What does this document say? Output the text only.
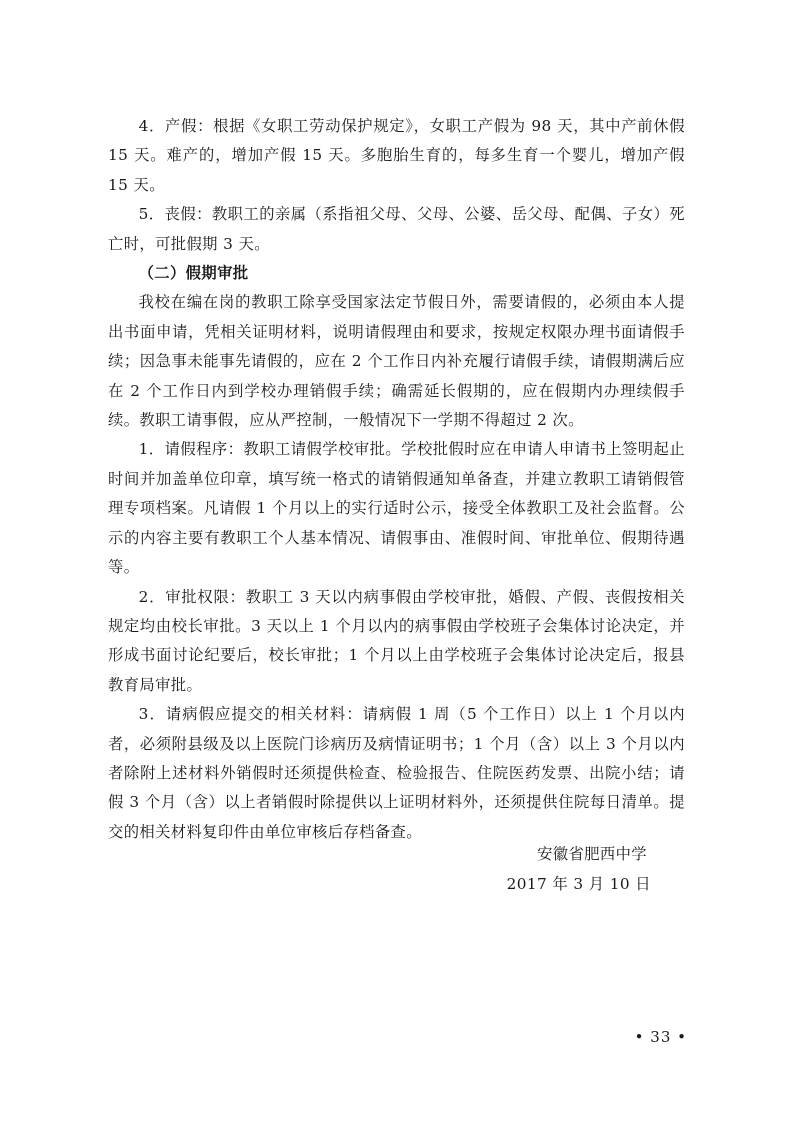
4．产假：根据《女职工劳动保护规定》，女职工产假为 98 天，其中产前休假 15 天。难产的，增加产假 15 天。多胞胎生育的，每多生育一个婴儿，增加产假 15 天。

5．丧假：教职工的亲属（系指祖父母、父母、公婆、岳父母、配偶、子女）死亡时，可批假期 3 天。

（二）假期审批

我校在编在岗的教职工除享受国家法定节假日外，需要请假的，必须由本人提出书面申请，凭相关证明材料，说明请假理由和要求，按规定权限办理书面请假手续；因急事未能事先请假的，应在 2 个工作日内补充履行请假手续，请假期满后应在 2 个工作日内到学校办理销假手续；确需延长假期的，应在假期内办理续假手续。教职工请事假，应从严控制，一般情况下一学期不得超过 2 次。

1．请假程序：教职工请假学校审批。学校批假时应在申请人申请书上签明起止时间并加盖单位印章，填写统一格式的请销假通知单备查，并建立教职工请销假管理专项档案。凡请假 1 个月以上的实行适时公示，接受全体教职工及社会监督。公示的内容主要有教职工个人基本情况、请假事由、准假时间、审批单位、假期待遇等。

2．审批权限：教职工 3 天以内病事假由学校审批，婚假、产假、丧假按相关规定均由校长审批。3 天以上 1 个月以内的病事假由学校班子会集体讨论决定，并形成书面讨论纪要后，校长审批；1 个月以上由学校班子会集体讨论决定后，报县教育局审批。

3．请病假应提交的相关材料：请病假 1 周（5 个工作日）以上 1 个月以内者，必须附县级及以上医院门诊病历及病情证明书；1 个月（含）以上 3 个月以内者除附上述材料外销假时还须提供检查、检验报告、住院医药发票、出院小结；请假 3 个月（含）以上者销假时除提供以上证明材料外，还须提供住院每日清单。提交的相关材料复印件由单位审核后存档备查。

安徽省肥西中学
2017 年 3 月 10 日
• 33 •
